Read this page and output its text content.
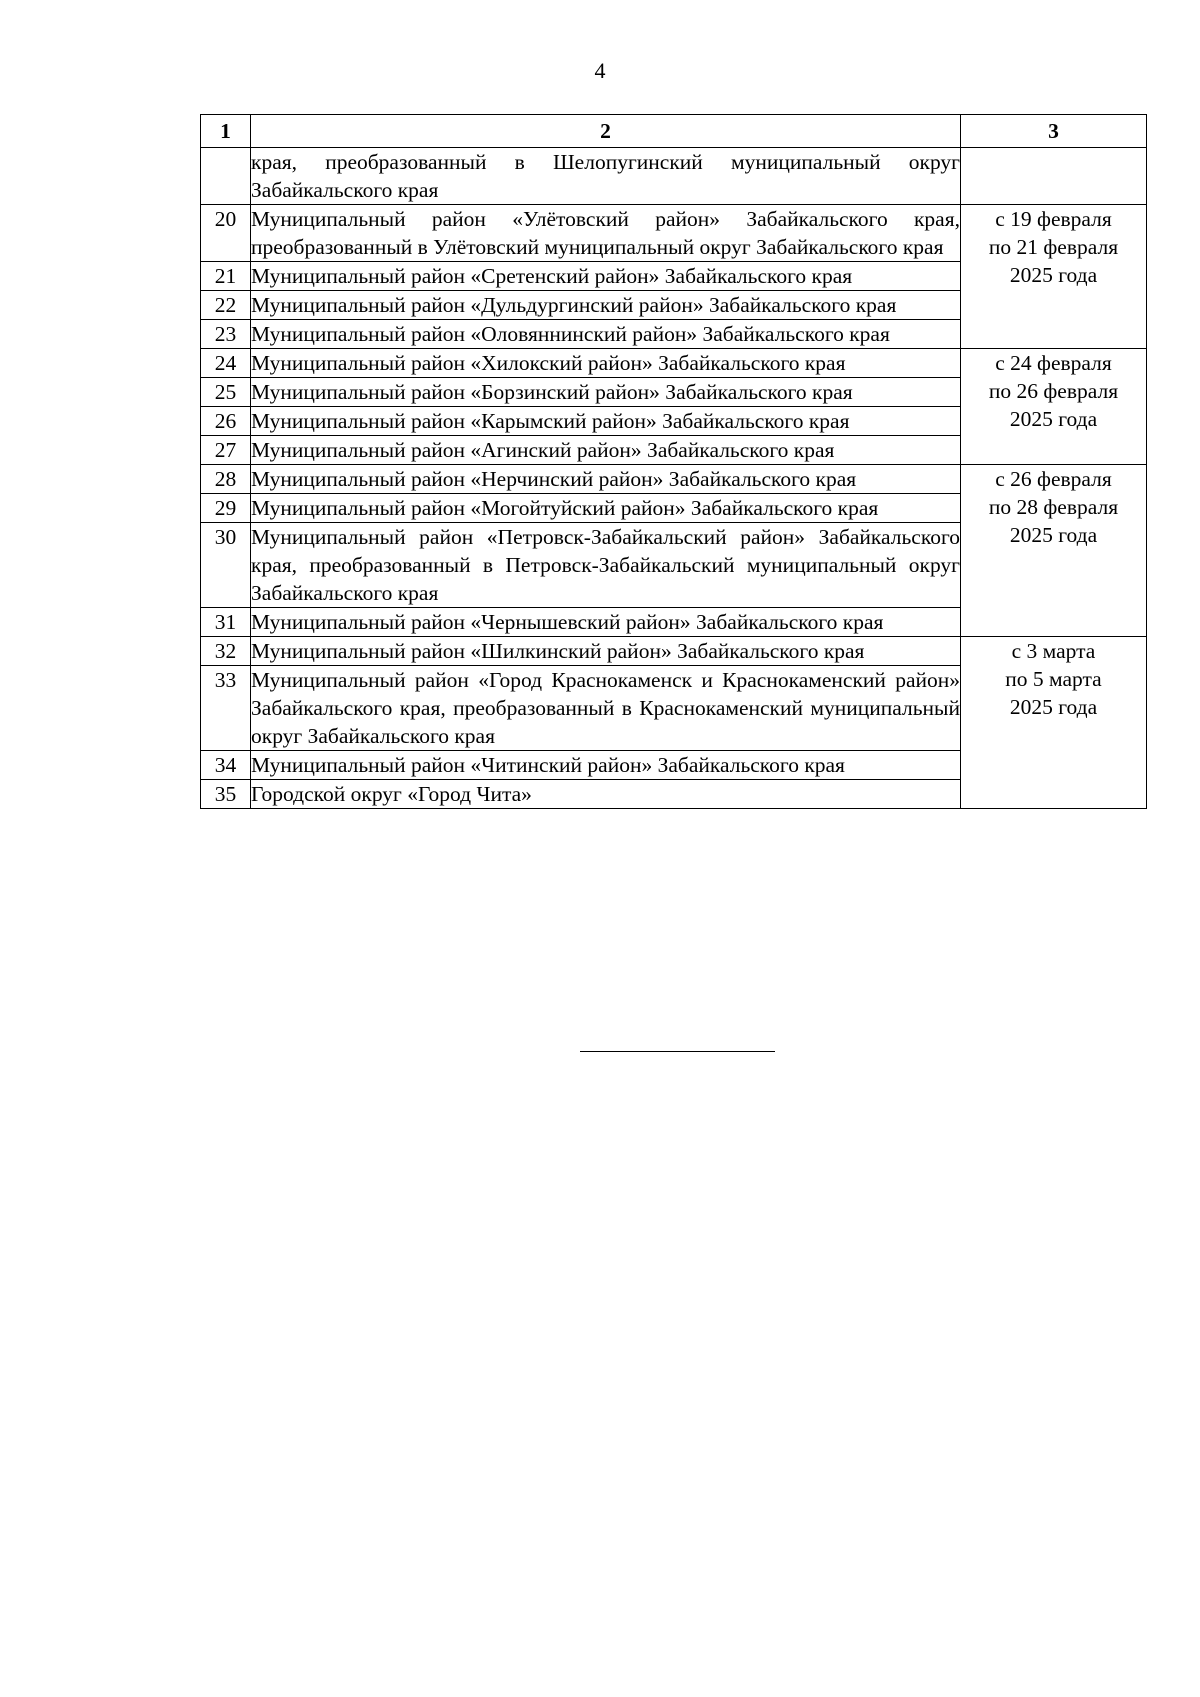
4
1	2	3
	края, преобразованный в Шелопугинский муниципальный округ Забайкальского края	
20	Муниципальный район «Улётовский район» Забайкальского края, преобразованный в Улётовский муниципальный округ Забайкальского края	с 19 февраля
по 21 февраля
2025 года

21	Муниципальный район «Сретенский район» Забайкальского края	
22	Муниципальный район «Дульдургинский район» Забайкальского края	
23	Муниципальный район «Оловяннинский район» Забайкальского края	
24	Муниципальный район «Хилокский район» Забайкальского края	с 24 февраля
по 26 февраля
2025 года

25	Муниципальный район «Борзинский район» Забайкальского края	
26	Муниципальный район «Карымский район» Забайкальского края	
27	Муниципальный район «Агинский район» Забайкальского края	
28	Муниципальный район «Нерчинский район» Забайкальского края	с 26 февраля
по 28 февраля
2025 года

29	Муниципальный район «Могойтуйский район» Забайкальского края	
30	Муниципальный район «Петровск-Забайкальский район» Забайкальского края, преобразованный в Петровск-Забайкальский муниципальный округ Забайкальского края	
31	Муниципальный район «Чернышевский район» Забайкальского края	
32	Муниципальный район «Шилкинский район» Забайкальского края	с 3 марта
по 5 марта
2025 года

33	Муниципальный район «Город Краснокаменск и Краснокаменский район» Забайкальского края, преобразованный в Краснокаменский муниципальный округ Забайкальского края	
34	Муниципальный район «Читинский район» Забайкальского края	
35	Городской округ «Город Чита»	
